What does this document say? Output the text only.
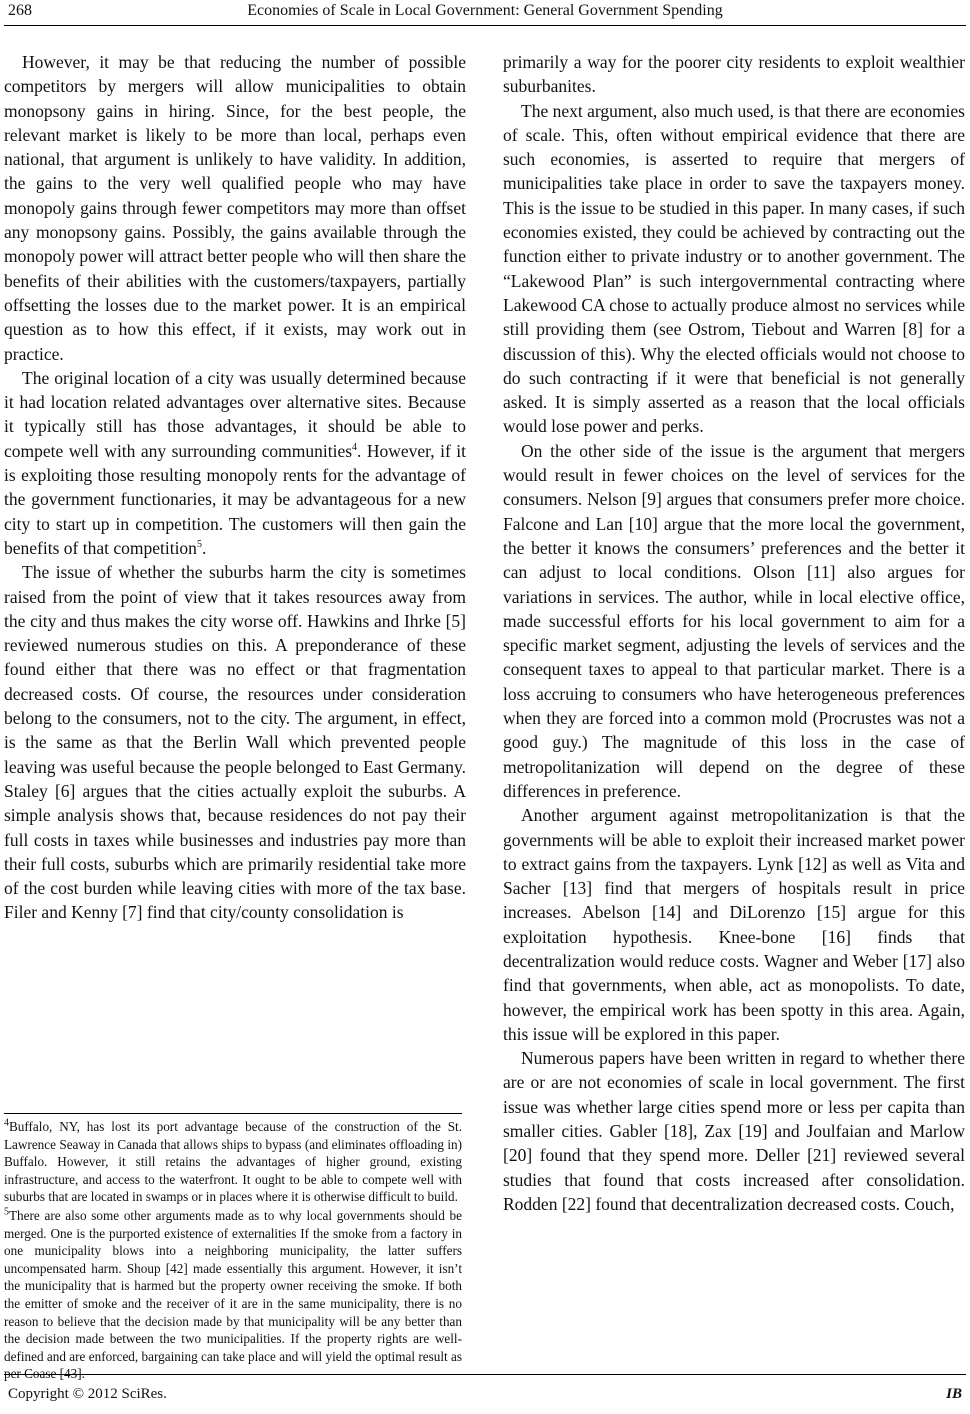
268	Economies of Scale in Local Government: General Government Spending

However, it may be that reducing the number of possible competitors by mergers will allow municipalities to obtain monopsony gains in hiring. Since, for the best people, the relevant market is likely to be more than local, perhaps even national, that argument is unlikely to have validity. In addition, the gains to the very well qualified people who may have monopoly gains through fewer competitors may more than offset any monopsony gains. Possibly, the gains available through the monopoly power will attract better people who will then share the benefits of their abilities with the customers/taxpayers, partially offsetting the losses due to the market power. It is an empirical question as to how this effect, if it exists, may work out in practice.

The original location of a city was usually determined because it had location related advantages over alternative sites. Because it typically still has those advantages, it should be able to compete well with any surrounding communities$^4$. However, if it is exploiting those resulting monopoly rents for the advantage of the government functionaries, it may be advantageous for a new city to start up in competition. The customers will then gain the benefits of that competition$^5$.

The issue of whether the suburbs harm the city is sometimes raised from the point of view that it takes resources away from the city and thus makes the city worse off. Hawkins and Ihrke [5] reviewed numerous studies on this. A preponderance of these found either that there was no effect or that fragmentation decreased costs. Of course, the resources under consideration belong to the consumers, not to the city. The argument, in effect, is the same as that the Berlin Wall which prevented people leaving was useful because the people belonged to East Germany. Staley [6] argues that the cities actually exploit the suburbs. A simple analysis shows that, because residences do not pay their full costs in taxes while businesses and industries pay more than their full costs, suburbs which are primarily residential take more of the cost burden while leaving cities with more of the tax base. Filer and Kenny [7] find that city/county consolidation is

$^4$Buffalo, NY, has lost its port advantage because of the construction of the St. Lawrence Seaway in Canada that allows ships to bypass (and eliminates offloading in) Buffalo. However, it still retains the advantages of higher ground, existing infrastructure, and access to the waterfront. It ought to be able to compete well with suburbs that are located in swamps or in places where it is otherwise difficult to build.

$^5$There are also some other arguments made as to why local governments should be merged. One is the purported existence of externalities If the smoke from a factory in one municipality blows into a neighboring municipality, the latter suffers uncompensated harm. Shoup [42] made essentially this argument. However, it isn’t the municipality that is harmed but the property owner receiving the smoke. If both the emitter of smoke and the receiver of it are in the same municipality, there is no reason to believe that the decision made by that municipality will be any better than the decision made between the two municipalities. If the property rights are well-defined and are enforced, bargaining can take place and will yield the optimal result as per Coase [43].

primarily a way for the poorer city residents to exploit wealthier suburbanites.

The next argument, also much used, is that there are economies of scale. This, often without empirical evidence that there are such economies, is asserted to require that mergers of municipalities take place in order to save the taxpayers money. This is the issue to be studied in this paper. In many cases, if such economies existed, they could be achieved by contracting out the function either to private industry or to another government. The “Lakewood Plan” is such intergovernmental contracting where Lakewood CA chose to actually produce almost no services while still providing them (see Ostrom, Tiebout and Warren [8] for a discussion of this). Why the elected officials would not choose to do such contracting if it were that beneficial is not generally asked. It is simply asserted as a reason that the local officials would lose power and perks.

On the other side of the issue is the argument that mergers would result in fewer choices on the level of services for the consumers. Nelson [9] argues that consumers prefer more choice. Falcone and Lan [10] argue that the more local the government, the better it knows the consumers’ preferences and the better it can adjust to local conditions. Olson [11] also argues for variations in services. The author, while in local elective office, made successful efforts for his local government to aim for a specific market segment, adjusting the levels of services and the consequent taxes to appeal to that particular market. There is a loss accruing to consumers who have heterogeneous preferences when they are forced into a common mold (Procrustes was not a good guy.) The magnitude of this loss in the case of metropolitanization will depend on the degree of these differences in preference.

Another argument against metropolitanization is that the governments will be able to exploit their increased market power to extract gains from the taxpayers. Lynk [12] as well as Vita and Sacher [13] find that mergers of hospitals result in price increases. Abelson [14] and DiLorenzo [15] argue for this exploitation hypothesis. Knee-bone [16] finds that decentralization would reduce costs. Wagner and Weber [17] also find that governments, when able, act as monopolists. To date, however, the empirical work has been spotty in this area. Again, this issue will be explored in this paper.

Numerous papers have been written in regard to whether there are or are not economies of scale in local government. The first issue was whether large cities spend more or less per capita than smaller cities. Gabler [18], Zax [19] and Joulfaian and Marlow [20] found that they spend more. Deller [21] reviewed several studies that found that costs increased after consolidation. Rodden [22] found that decentralization decreased costs. Couch,

Copyright © 2012 SciRes.	IB
